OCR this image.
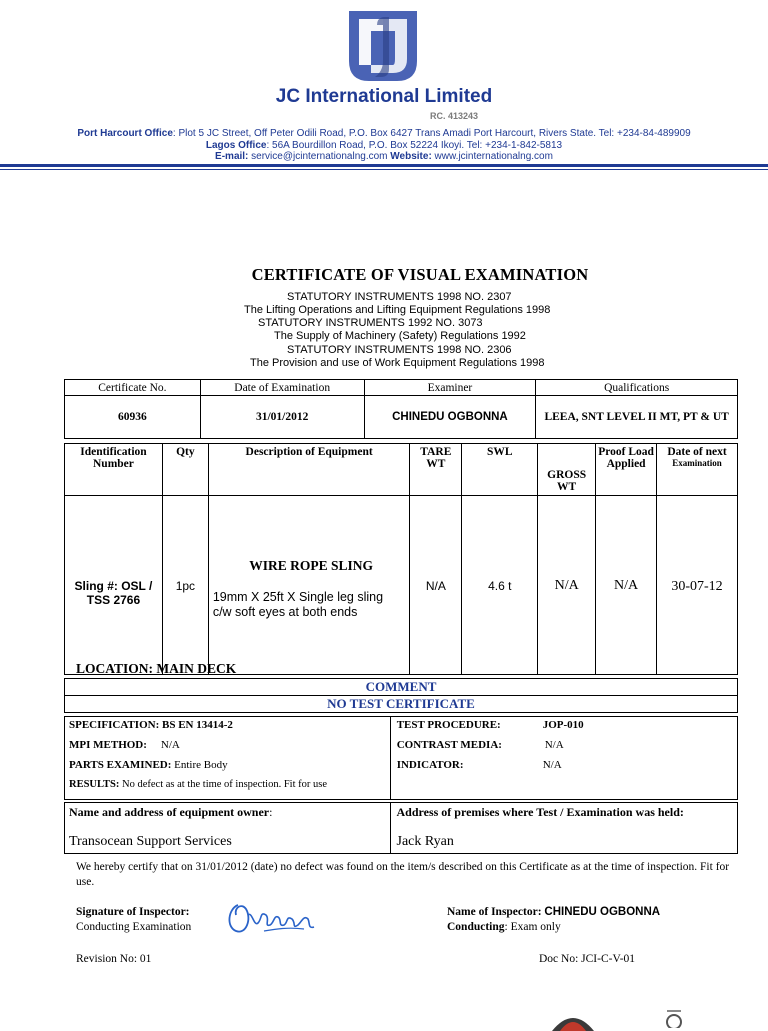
JC International Limited
RC. 413243
Port Harcourt Office: Plot 5 JC Street, Off Peter Odili Road, P.O. Box 6427 Trans Amadi Port Harcourt, Rivers State. Tel: +234-84-489909
Lagos Office: 56A Bourdillon Road, P.O. Box 52224 Ikoyi. Tel: +234-1-842-5813
E-mail: service@jcinternationalng.com Website: www.jcinternationalng.com
CERTIFICATE OF VISUAL EXAMINATION
STATUTORY INSTRUMENTS 1998 NO. 2307
The Lifting Operations and Lifting Equipment Regulations 1998
STATUTORY INSTRUMENTS 1992 NO. 3073
The Supply of Machinery (Safety) Regulations 1992
STATUTORY INSTRUMENTS 1998 NO. 2306
The Provision and use of Work Equipment Regulations 1998
Certificate No.	Date of Examination	Examiner	Qualifications
60936	31/01/2012	CHINEDU OGBONNA	LEEA, SNT LEVEL II MT, PT & UT
Identification Number	Qty	Description of Equipment	TARE WT	SWL	GROSS WT	Proof Load Applied	Date of next
Examination

Sling #: OSL / TSS 2766	1pc	WIRE ROPE SLING
19mm X 25ft X Single leg sling c/w soft eyes at both ends	N/A	4.6 t	N/A	N/A	30-07-12
LOCATION: MAIN DECK
COMMENT
NO TEST CERTIFICATE
SPECIFICATION: BS EN 13414-2
MPI METHOD: N/A
PARTS EXAMINED: Entire Body
RESULTS: No defect as at the time of inspection. Fit for use

TEST PROCEDURE:	JOP-010
CONTRAST MEDIA:	N/A
INDICATOR:	N/A
Name and address of equipment owner:
Transocean Support Services

Address of premises where Test / Examination was held:
Jack Ryan
We hereby certify that on 31/01/2012 (date) no defect was found on the item/s described on this Certificate as at the time of inspection. Fit for use.
Signature of Inspector:
Conducting Examination
Name of Inspector: CHINEDU OGBONNA
Conducting: Exam only
Revision No: 01	Doc No: JCI-C-V-01
